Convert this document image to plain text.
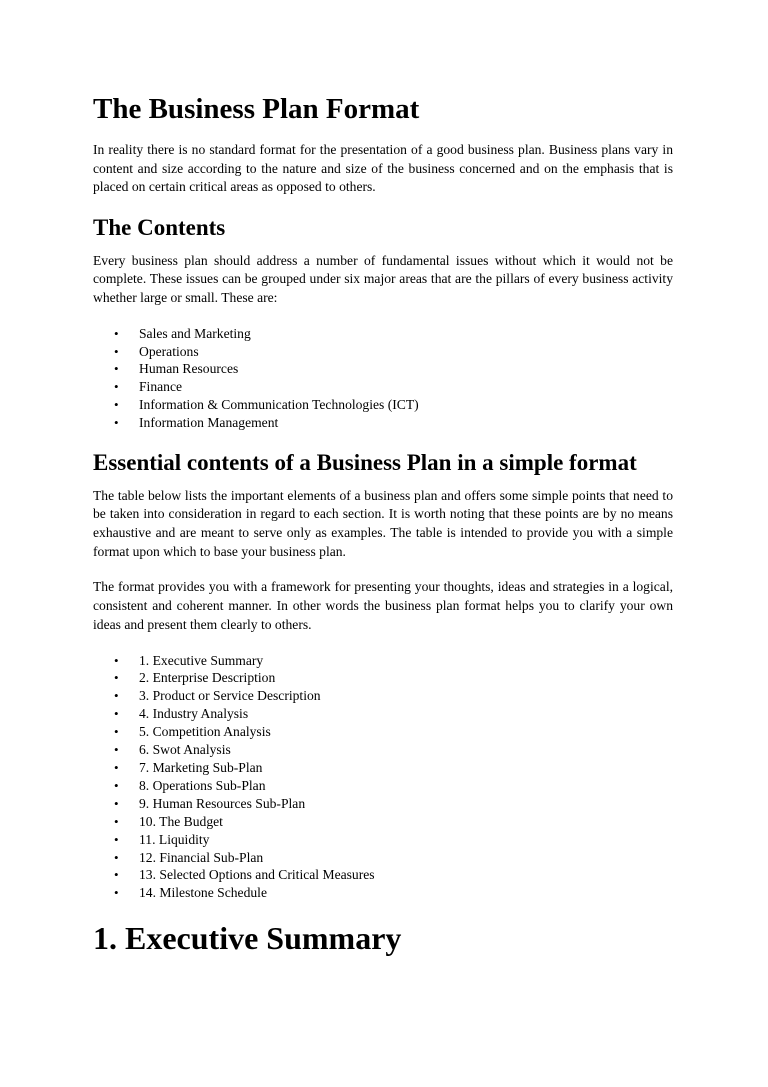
The Business Plan Format

In reality there is no standard format for the presentation of a good business plan. Business plans vary in content and size according to the nature and size of the business concerned and on the emphasis that is placed on certain critical areas as opposed to others.

The Contents

Every business plan should address a number of fundamental issues without which it would not be complete. These issues can be grouped under six major areas that are the pillars of every business activity whether large or small. These are:

• Sales and Marketing
• Operations
• Human Resources
• Finance
• Information & Communication Technologies (ICT)
• Information Management
Essential contents of a Business Plan in a simple format

The table below lists the important elements of a business plan and offers some simple points that need to be taken into consideration in regard to each section. It is worth noting that these points are by no means exhaustive and are meant to serve only as examples. The table is intended to provide you with a simple format upon which to base your business plan.

The format provides you with a framework for presenting your thoughts, ideas and strategies in a logical, consistent and coherent manner. In other words the business plan format helps you to clarify your own ideas and present them clearly to others.

• 1. Executive Summary
• 2. Enterprise Description
• 3. Product or Service Description
• 4. Industry Analysis
• 5. Competition Analysis
• 6. Swot Analysis
• 7. Marketing Sub-Plan
• 8. Operations Sub-Plan
• 9. Human Resources Sub-Plan
• 10. The Budget
• 11. Liquidity
• 12. Financial Sub-Plan
• 13. Selected Options and Critical Measures
• 14. Milestone Schedule
1. Executive Summary
